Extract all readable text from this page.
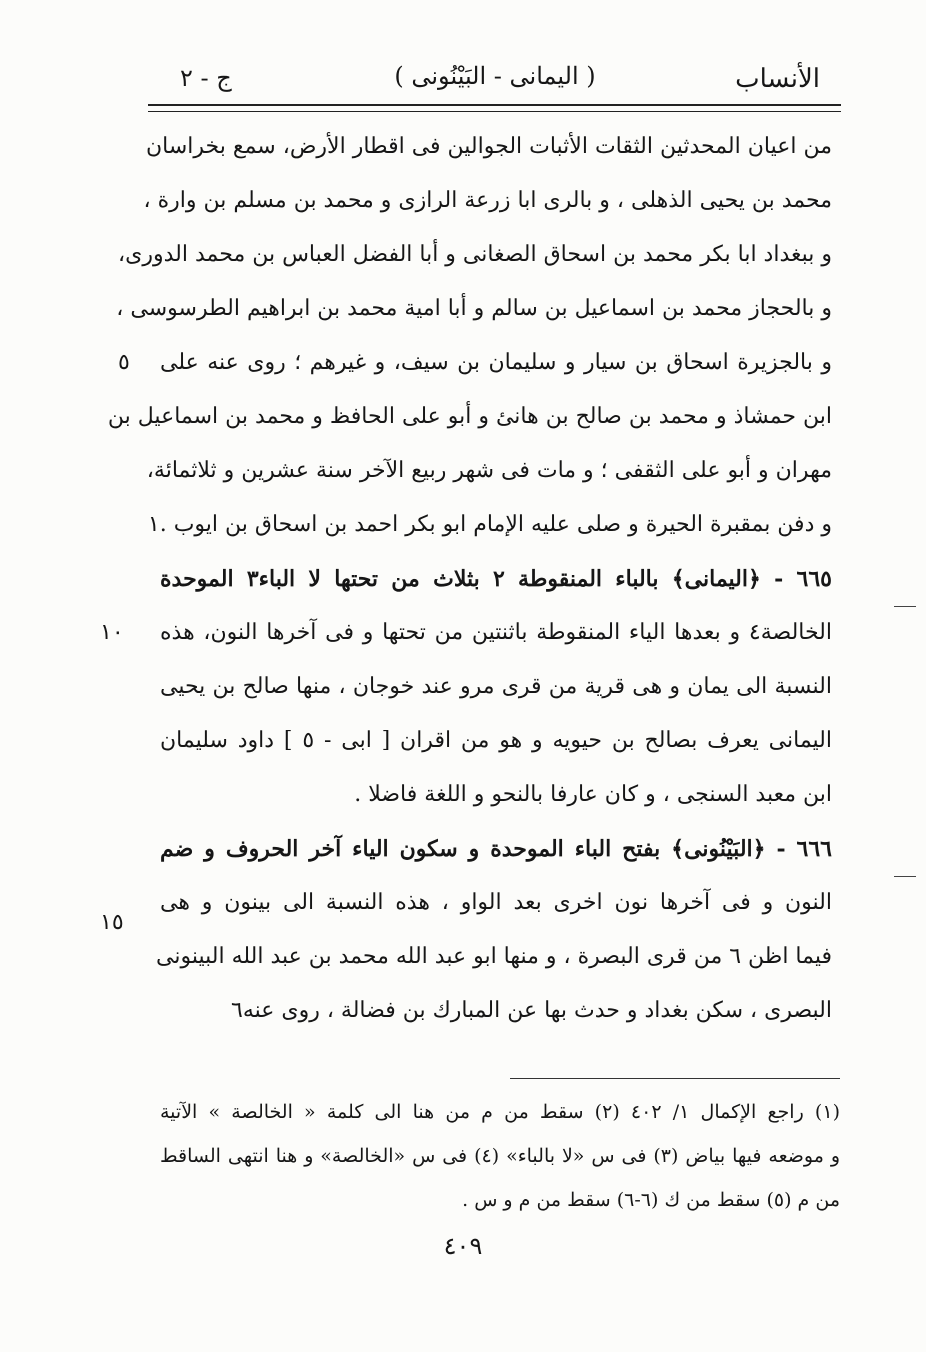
ج - ٢	( اليمانى - البَيْنُونى )	الأنساب
من اعيان المحدثين الثقات الأثبات الجوالين فى اقطار الأرض، سمع بخراسان
محمد بن يحيى الذهلى ، و بالرى ابا زرعة الرازى و محمد بن مسلم بن وارة ،
و ببغداد ابا بكر محمد بن اسحاق الصغانى و أبا الفضل العباس بن محمد الدورى،
و بالحجاز محمد بن اسماعيل بن سالم و أبا امية محمد بن ابراهيم الطرسوسى ،
و بالجزيرة اسحاق بن سيار و سليمان بن سيف، و غيرهم ؛ روى عنه على
ابن حمشاذ و محمد بن صالح بن هانئ و أبو على الحافظ و محمد بن اسماعيل بن
مهران و أبو على الثقفى ؛ و مات فى شهر ربيع الآخر سنة عشرين و ثلاثمائة،
و دفن بمقبرة الحيرة و صلى عليه الإمام ابو بكر احمد بن اسحاق بن ايوب .١
٦٦٥ - ﴿اليمانى﴾ بالباء المنقوطة ٢ بثلاث من تحتها لا الباء٣ الموحدة
الخالصة٤ و بعدها الياء المنقوطة باثنتين من تحتها و فى آخرها النون، هذه
النسبة الى يمان و هى قرية من قرى مرو عند خوجان ، منها صالح بن يحيى
اليمانى يعرف بصالح بن حيويه و هو من اقران [ ابى - ٥ ] داود سليمان
ابن معبد السنجى ، و كان عارفا بالنحو و اللغة فاضلا .
٦٦٦ - ﴿البَيْنُونى﴾ بفتح الباء الموحدة و سكون الياء آخر الحروف و ضم
النون و فى آخرها نون اخرى بعد الواو ، هذه النسبة الى بينون و هى
فيما اظن ٦ من قرى البصرة ، و منها ابو عبد الله محمد بن عبد الله البينونى
البصرى ، سكن بغداد و حدث بها عن المبارك بن فضالة ، روى عنه٦
٥
١٠
١٥
(١) راجع الإكمال ١/ ٤٠٢ (٢) سقط من م من هنا الى كلمة « الخالصة » الآتية
و موضعه فيها بياض (٣) فى س «لا بالباء» (٤) فى س «الخالصة» و هنا انتهى الساقط
من م (٥) سقط من ك (٦-٦) سقط من م و س .
٤٠٩
